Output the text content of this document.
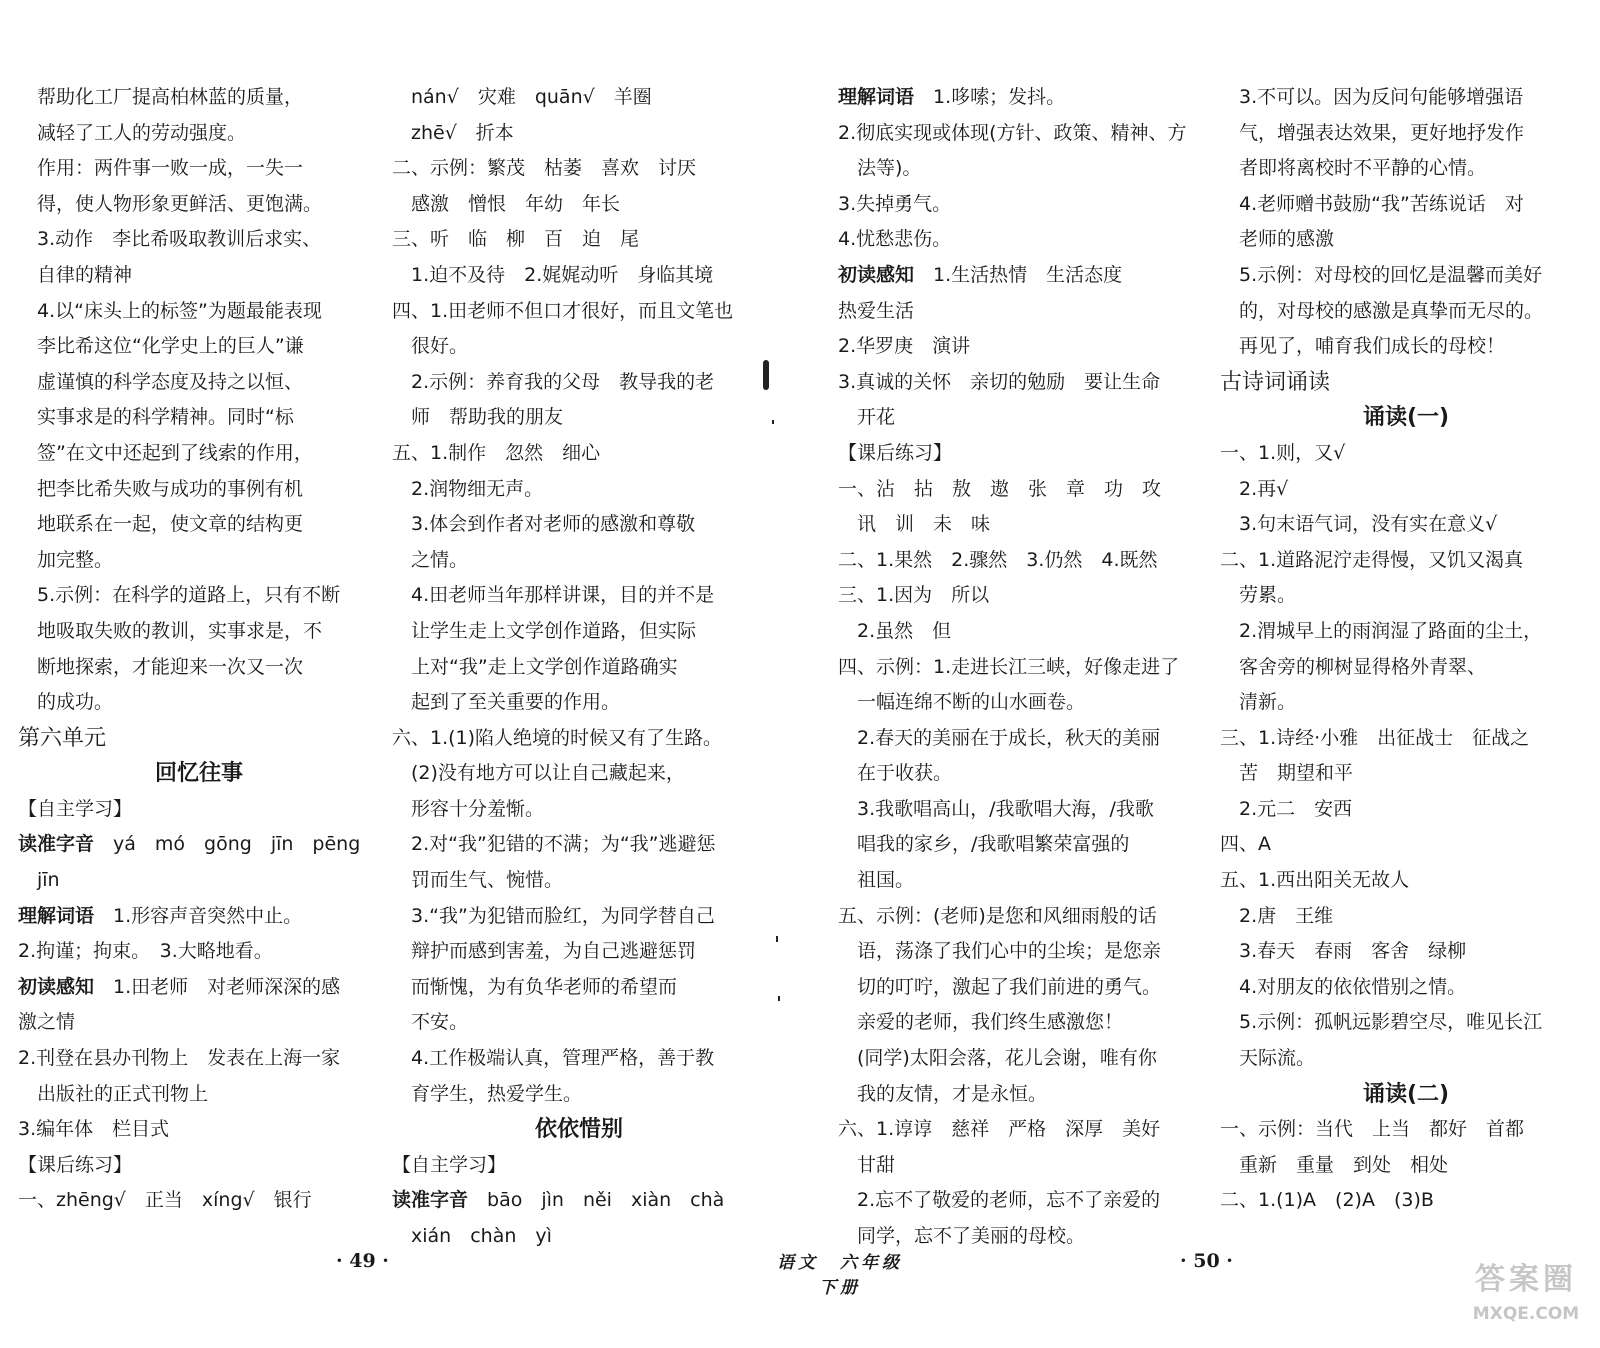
　帮助化工厂提高柏林蓝的质量，
　减轻了工人的劳动强度。
　作用：两件事一败一成，一失一
　得，使人物形象更鲜活、更饱满。
　3.动作　李比希吸取教训后求实、
　自律的精神
　4.以“床头上的标签”为题最能表现
　李比希这位“化学史上的巨人”谦
　虚谨慎的科学态度及持之以恒、
　实事求是的科学精神。同时“标
　签”在文中还起到了线索的作用，
　把李比希失败与成功的事例有机
　地联系在一起，使文章的结构更
　加完整。
　5.示例：在科学的道路上，只有不断
　地吸取失败的教训，实事求是，不
　断地探索，才能迎来一次又一次
　的成功。
第六单元
回忆往事
【自主学习】
读准字音　yá　mó　gōng　jīn　pēng
　jīn
理解词语　1.形容声音突然中止。
2.拘谨；拘束。　3.大略地看。
初读感知　1.田老师　对老师深深的感
激之情
2.刊登在县办刊物上　发表在上海一家
　出版社的正式刊物上
3.编年体　栏目式
【课后练习】
一、zhēng√　正当　xíng√　银行
　nán√　灾难　quān√　羊圈
　zhē√　折本
二、示例：繁茂　枯萎　喜欢　讨厌
　感激　憎恨　年幼　年长
三、听　临　柳　百　迫　尾
　1.迫不及待　2.娓娓动听　身临其境
四、1.田老师不但口才很好，而且文笔也
　很好。
　2.示例：养育我的父母　教导我的老
　师　帮助我的朋友
五、1.制作　忽然　细心
　2.润物细无声。
　3.体会到作者对老师的感激和尊敬
　之情。
　4.田老师当年那样讲课，目的并不是
　让学生走上文学创作道路，但实际
　上对“我”走上文学创作道路确实
　起到了至关重要的作用。
六、1.(1)陷人绝境的时候又有了生路。
　(2)没有地方可以让自己藏起来，
　形容十分羞惭。
　2.对“我”犯错的不满；为“我”逃避惩
　罚而生气、惋惜。
　3.“我”为犯错而脸红，为同学替自己
　辩护而感到害羞，为自己逃避惩罚
　而惭愧，为有负华老师的希望而
　不安。
　4.工作极端认真，管理严格，善于教
　育学生，热爱学生。
依依惜别
【自主学习】
读准字音　bāo　jìn　něi　xiàn　chà
　xián　chàn　yì
理解词语　1.哆嗦；发抖。
2.彻底实现或体现(方针、政策、精神、方
　法等)。
3.失掉勇气。
4.忧愁悲伤。
初读感知　1.生活热情　生活态度
热爱生活
2.华罗庚　演讲
3.真诚的关怀　亲切的勉励　要让生命
　开花
【课后练习】
一、沾　拈　敖　遨　张　章　功　攻
　讯　训　未　味
二、1.果然　2.骤然　3.仍然　4.既然
三、1.因为　所以
　2.虽然　但
四、示例：1.走进长江三峡，好像走进了
　一幅连绵不断的山水画卷。
　2.春天的美丽在于成长，秋天的美丽
　在于收获。
　3.我歌唱高山，/我歌唱大海，/我歌
　唱我的家乡，/我歌唱繁荣富强的
　祖国。
五、示例：(老师)是您和风细雨般的话
　语，荡涤了我们心中的尘埃；是您亲
　切的叮咛，激起了我们前进的勇气。
　亲爱的老师，我们终生感激您！
　(同学)太阳会落，花儿会谢，唯有你
　我的友情，才是永恒。
六、1.谆谆　慈祥　严格　深厚　美好
　甘甜
　2.忘不了敬爱的老师，忘不了亲爱的
　同学，忘不了美丽的母校。
　3.不可以。因为反问句能够增强语
　气，增强表达效果，更好地抒发作
　者即将离校时不平静的心情。
　4.老师赠书鼓励“我”苦练说话　对
　老师的感激
　5.示例：对母校的回忆是温馨而美好
　的，对母校的感激是真挚而无尽的。
　再见了，哺育我们成长的母校！
古诗词诵读
诵读(一)
一、1.则，又√
　2.再√
　3.句末语气词，没有实在意义√
二、1.道路泥泞走得慢，又饥又渴真
　劳累。
　2.渭城早上的雨润湿了路面的尘土，
　客舍旁的柳树显得格外青翠、
　清新。
三、1.诗经·小雅　出征战士　征战之
　苦　期望和平
　2.元二　安西
四、A
五、1.西出阳关无故人
　2.唐　王维
　3.春天　春雨　客舍　绿柳
　4.对朋友的依依惜别之情。
　5.示例：孤帆远影碧空尽，唯见长江
　天际流。
诵读(二)
一、示例：当代　上当　都好　首都
　重新　重量　到处　相处
二、1.(1)A　(2)A　(3)B
· 49 ·	语文　六年级　下册
· 50 ·
答案圈
MXQE.COM
